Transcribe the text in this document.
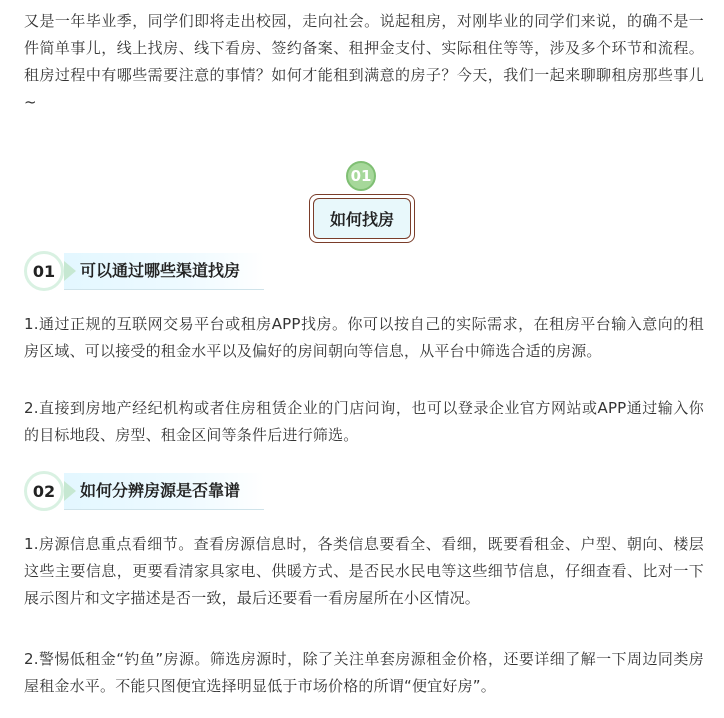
又是一年毕业季，同学们即将走出校园，走向社会。说起租房，对刚毕业的同学们来说，的确不是一件简单事儿，线上找房、线下看房、签约备案、租押金支付、实际租住等等，涉及多个环节和流程。租房过程中有哪些需要注意的事情？如何才能租到满意的房子？今天，我们一起来聊聊租房那些事儿~

01
如何找房
01	可以通过哪些渠道找房

1.通过正规的互联网交易平台或租房APP找房。你可以按自己的实际需求，在租房平台输入意向的租房区域、可以接受的租金水平以及偏好的房间朝向等信息，从平台中筛选合适的房源。

2.直接到房地产经纪机构或者住房租赁企业的门店问询，也可以登录企业官方网站或APP通过输入你的目标地段、房型、租金区间等条件后进行筛选。

02	如何分辨房源是否靠谱

1.房源信息重点看细节。查看房源信息时，各类信息要看全、看细，既要看租金、户型、朝向、楼层这些主要信息，更要看清家具家电、供暖方式、是否民水民电等这些细节信息，仔细查看、比对一下展示图片和文字描述是否一致，最后还要看一看房屋所在小区情况。

2.警惕低租金“钓鱼”房源。筛选房源时，除了关注单套房源租金价格，还要详细了解一下周边同类房屋租金水平。不能只图便宜选择明显低于市场价格的所谓“便宜好房”。
